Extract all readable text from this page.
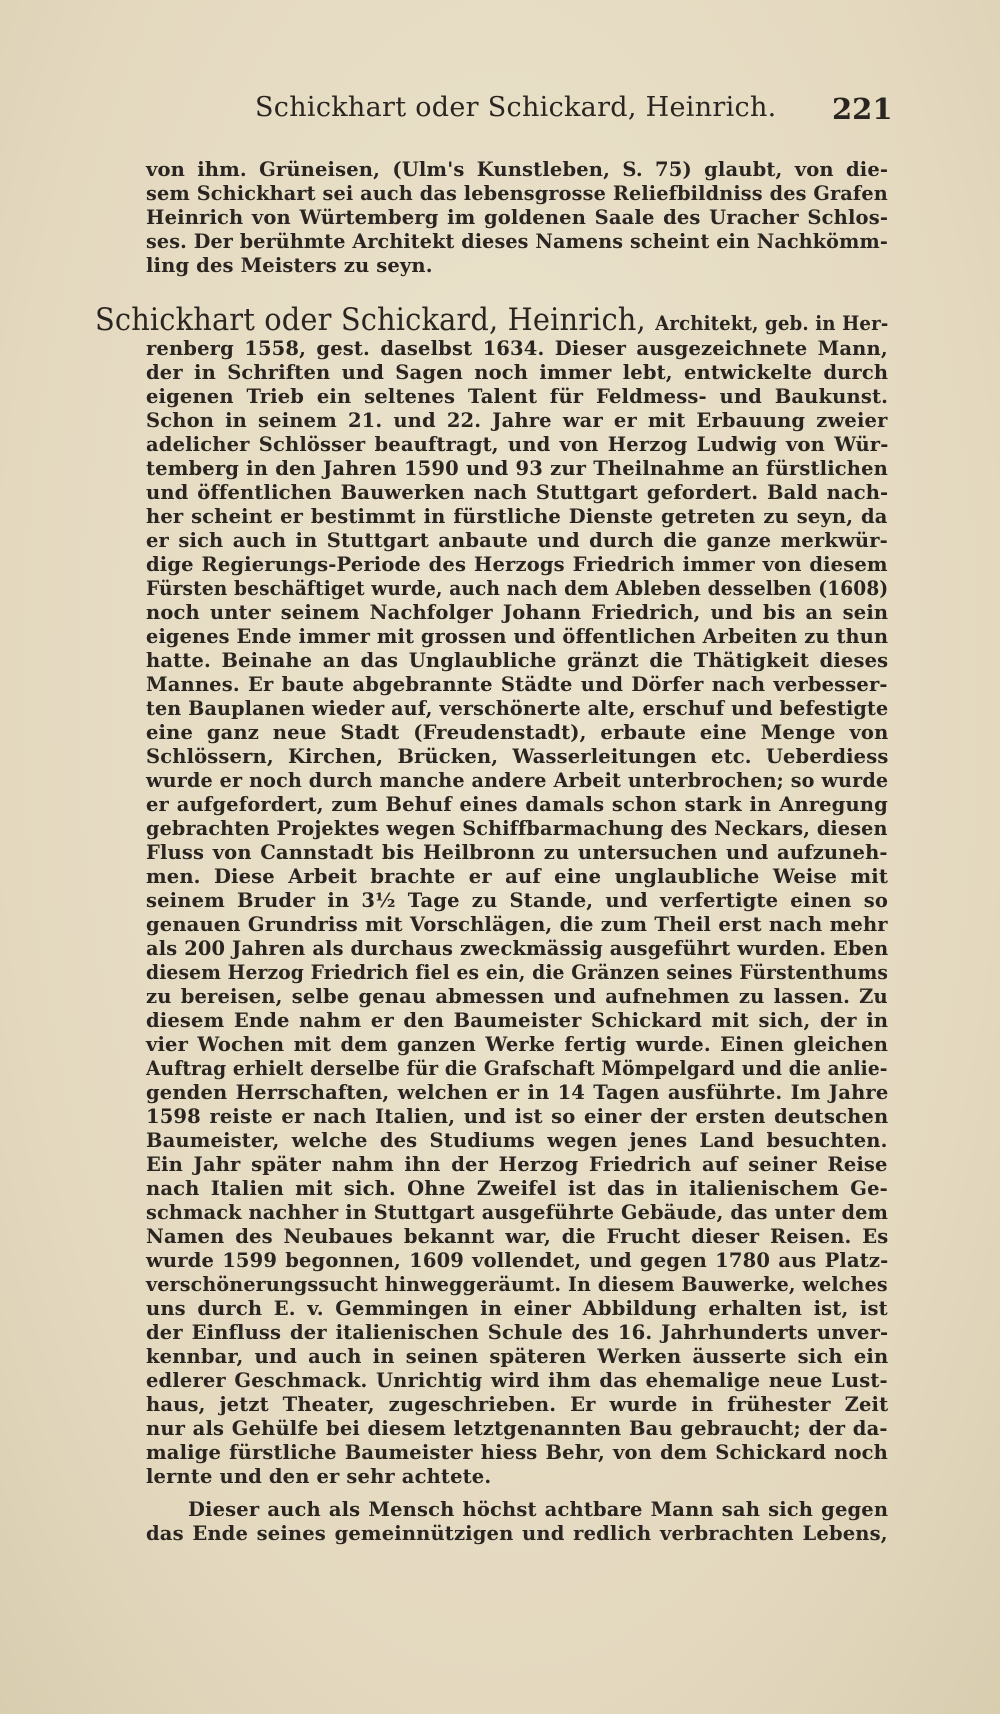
Schickhart oder Schickard, Heinrich. 221
von ihm. Grüneisen, (Ulm's Kunstleben, S. 75) glaubt, von die-
sem Schickhart sei auch das lebensgrosse Reliefbildniss des Grafen
Heinrich von Würtemberg im goldenen Saale des Uracher Schlos-
ses. Der berühmte Architekt dieses Namens scheint ein Nachkömm-
ling des Meisters zu seyn.
Schickhart oder Schickard, Heinrich, Architekt, geb. in Her-
renberg 1558, gest. daselbst 1634. Dieser ausgezeichnete Mann,
der in Schriften und Sagen noch immer lebt, entwickelte durch
eigenen Trieb ein seltenes Talent für Feldmess- und Baukunst.
Schon in seinem 21. und 22. Jahre war er mit Erbauung zweier
adelicher Schlösser beauftragt, und von Herzog Ludwig von Wür-
temberg in den Jahren 1590 und 93 zur Theilnahme an fürstlichen
und öffentlichen Bauwerken nach Stuttgart gefordert. Bald nach-
her scheint er bestimmt in fürstliche Dienste getreten zu seyn, da
er sich auch in Stuttgart anbaute und durch die ganze merkwür-
dige Regierungs-Periode des Herzogs Friedrich immer von diesem
Fürsten beschäftiget wurde, auch nach dem Ableben desselben (1608)
noch unter seinem Nachfolger Johann Friedrich, und bis an sein
eigenes Ende immer mit grossen und öffentlichen Arbeiten zu thun
hatte. Beinahe an das Unglaubliche gränzt die Thätigkeit dieses
Mannes. Er baute abgebrannte Städte und Dörfer nach verbesser-
ten Bauplanen wieder auf, verschönerte alte, erschuf und befestigte
eine ganz neue Stadt (Freudenstadt), erbaute eine Menge von
Schlössern, Kirchen, Brücken, Wasserleitungen etc. Ueberdiess
wurde er noch durch manche andere Arbeit unterbrochen; so wurde
er aufgefordert, zum Behuf eines damals schon stark in Anregung
gebrachten Projektes wegen Schiffbarmachung des Neckars, diesen
Fluss von Cannstadt bis Heilbronn zu untersuchen und aufzuneh-
men. Diese Arbeit brachte er auf eine unglaubliche Weise mit
seinem Bruder in 3½ Tage zu Stande, und verfertigte einen so
genauen Grundriss mit Vorschlägen, die zum Theil erst nach mehr
als 200 Jahren als durchaus zweckmässig ausgeführt wurden. Eben
diesem Herzog Friedrich fiel es ein, die Gränzen seines Fürstenthums
zu bereisen, selbe genau abmessen und aufnehmen zu lassen. Zu
diesem Ende nahm er den Baumeister Schickard mit sich, der in
vier Wochen mit dem ganzen Werke fertig wurde. Einen gleichen
Auftrag erhielt derselbe für die Grafschaft Mömpelgard und die anlie-
genden Herrschaften, welchen er in 14 Tagen ausführte. Im Jahre
1598 reiste er nach Italien, und ist so einer der ersten deutschen
Baumeister, welche des Studiums wegen jenes Land besuchten.
Ein Jahr später nahm ihn der Herzog Friedrich auf seiner Reise
nach Italien mit sich. Ohne Zweifel ist das in italienischem Ge-
schmack nachher in Stuttgart ausgeführte Gebäude, das unter dem
Namen des Neubaues bekannt war, die Frucht dieser Reisen. Es
wurde 1599 begonnen, 1609 vollendet, und gegen 1780 aus Platz-
verschönerungssucht hinweggeräumt. In diesem Bauwerke, welches
uns durch E. v. Gemmingen in einer Abbildung erhalten ist, ist
der Einfluss der italienischen Schule des 16. Jahrhunderts unver-
kennbar, und auch in seinen späteren Werken äusserte sich ein
edlerer Geschmack. Unrichtig wird ihm das ehemalige neue Lust-
haus, jetzt Theater, zugeschrieben. Er wurde in frühester Zeit
nur als Gehülfe bei diesem letztgenannten Bau gebraucht; der da-
malige fürstliche Baumeister hiess Behr, von dem Schickard noch
lernte und den er sehr achtete.
Dieser auch als Mensch höchst achtbare Mann sah sich gegen
das Ende seines gemeinnützigen und redlich verbrachten Lebens,
